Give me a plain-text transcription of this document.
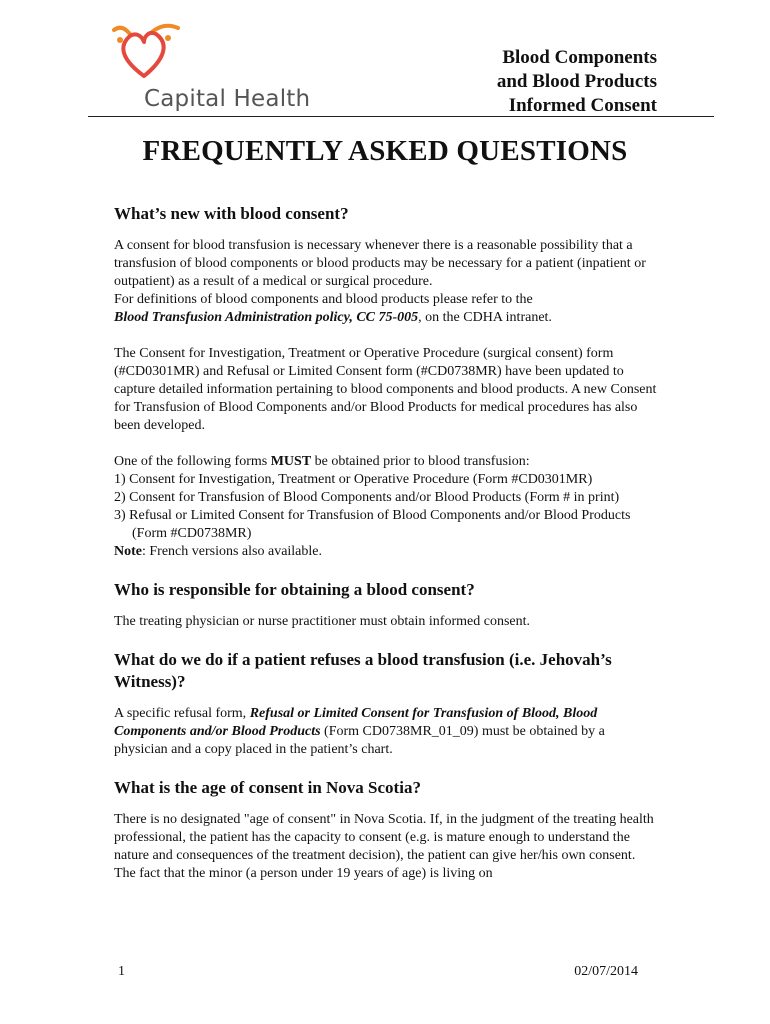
Capital Health
Blood Components
and Blood Products
Informed Consent
FREQUENTLY ASKED QUESTIONS
What’s new with blood consent?

A consent for blood transfusion is necessary whenever there is a reasonable possibility that a transfusion of blood components or blood products may be necessary for a patient (inpatient or outpatient) as a result of a medical or surgical procedure.
For definitions of blood components and blood products please refer to the
Blood Transfusion Administration policy, CC 75-005, on the CDHA intranet.

The Consent for Investigation, Treatment or Operative Procedure (surgical consent) form (#CD0301MR) and Refusal or Limited Consent form (#CD0738MR) have been updated to capture detailed information pertaining to blood components and blood products. A new Consent for Transfusion of Blood Components and/or Blood Products for medical procedures has also been developed.

One of the following forms MUST be obtained prior to blood transfusion:

1) Consent for Investigation, Treatment or Operative Procedure (Form #CD0301MR)
2) Consent for Transfusion of Blood Components and/or Blood Products (Form # in print)
3) Refusal or Limited Consent for Transfusion of Blood Components and/or Blood Products (Form #CD0738MR)

Note: French versions also available.

Who is responsible for obtaining a blood consent?

The treating physician or nurse practitioner must obtain informed consent.

What do we do if a patient refuses a blood transfusion (i.e. Jehovah’s Witness)?

A specific refusal form, Refusal or Limited Consent for Transfusion of Blood, Blood Components and/or Blood Products (Form CD0738MR_01_09) must be obtained by a physician and a copy placed in the patient’s chart.

What is the age of consent in Nova Scotia?

There is no designated "age of consent" in Nova Scotia. If, in the judgment of the treating health professional, the patient has the capacity to consent (e.g. is mature enough to understand the nature and consequences of the treatment decision), the patient can give her/his own consent. The fact that the minor (a person under 19 years of age) is living on

1	02/07/2014
